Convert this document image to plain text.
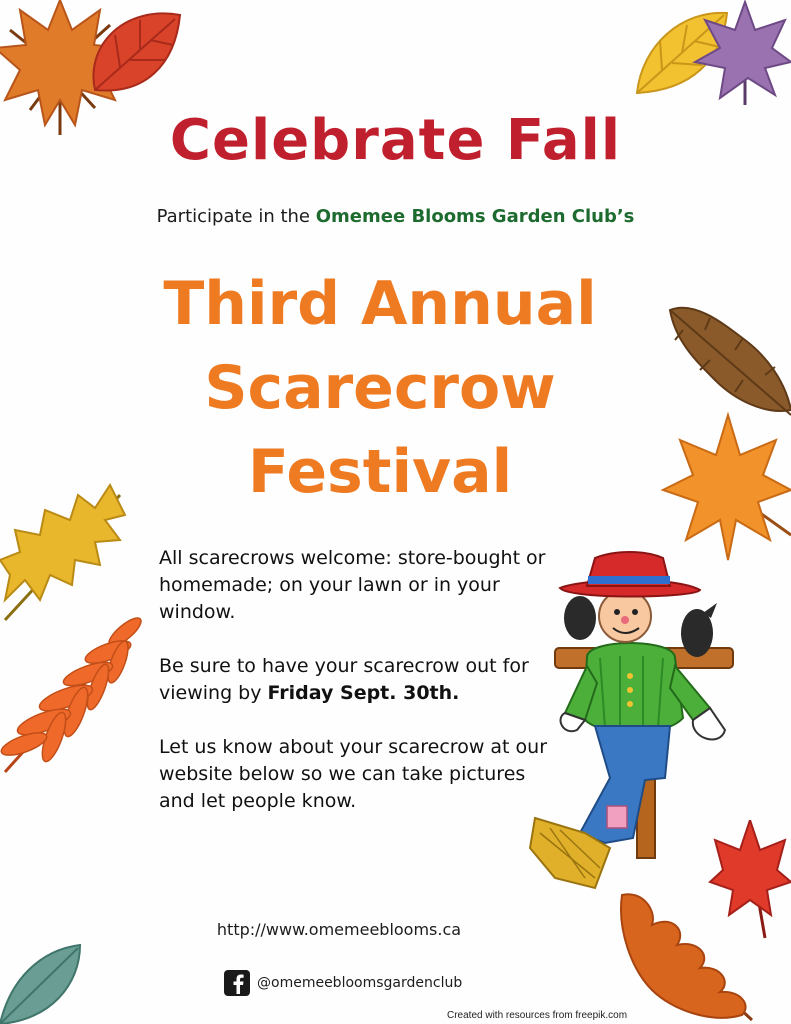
Celebrate Fall
Participate in the Omemee Blooms Garden Club’s
Third Annual
Scarecrow
Festival

All scarecrows welcome: store-bought or homemade; on your lawn or in your window.

Be sure to have your scarecrow out for viewing by Friday Sept. 30th.

Let us know about your scarecrow at our website below so we can take pictures and let people know.

http://www.omemeeblooms.ca
@omemeebloomsgardenclub
Created with resources from freepik.com
